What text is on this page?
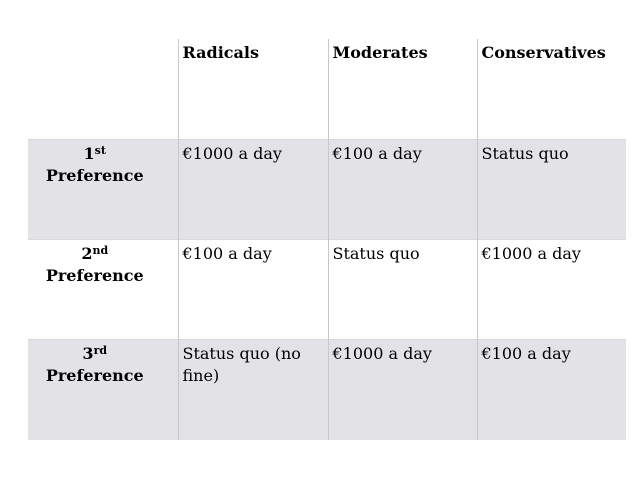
	Radicals	Moderates	Conservatives
1st
Preference	€1000 a day	€100 a day	Status quo
2nd
Preference	€100 a day	Status quo	€1000 a day
3rd
Preference	Status quo (no fine)	€1000 a day	€100 a day
